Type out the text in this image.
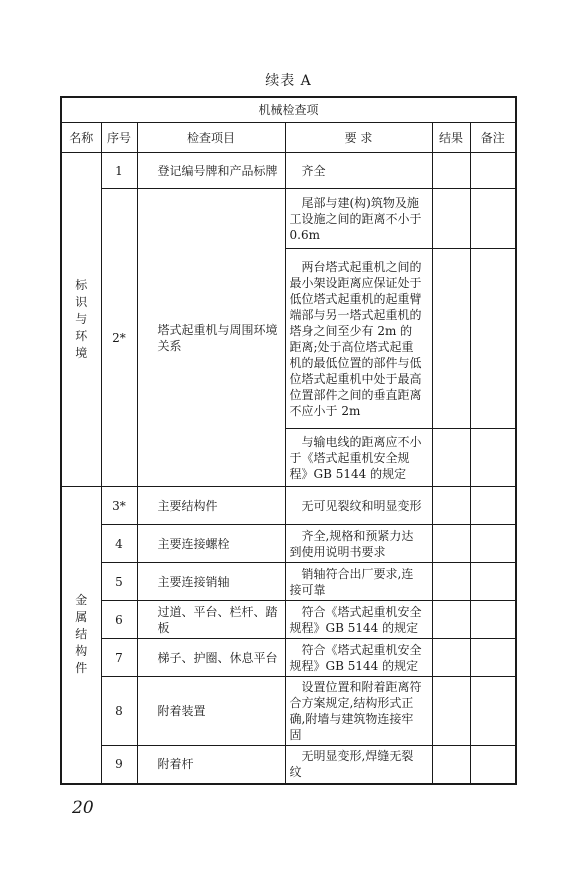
续表 A
机械检查项					
名称	序号	检查项目	要 求	结果	备注
标识与环境	1	登记编号牌和产品标牌	齐全		
	2*	塔式起重机与周围环境关系	尾部与建(构)筑物及施工设施之间的距离不小于 0.6m		
			两台塔式起重机之间的最小架设距离应保证处于低位塔式起重机的起重臂端部与另一塔式起重机的塔身之间至少有 2m 的距离;处于高位塔式起重机的最低位置的部件与低位塔式起重机中处于最高位置部件之间的垂直距离不应小于 2m		
			与输电线的距离应不小于《塔式起重机安全规程》GB 5144 的规定		
金属结构件	3*	主要结构件	无可见裂纹和明显变形		
	4	主要连接螺栓	齐全,规格和预紧力达到使用说明书要求		
	5	主要连接销轴	销轴符合出厂要求,连接可靠		
	6	过道、平台、栏杆、踏板	符合《塔式起重机安全规程》GB 5144 的规定		
	7	梯子、护圈、休息平台	符合《塔式起重机安全规程》GB 5144 的规定		
	8	附着装置	设置位置和附着距离符合方案规定,结构形式正确,附墙与建筑物连接牢固		
	9	附着杆	无明显变形,焊缝无裂纹		
20
